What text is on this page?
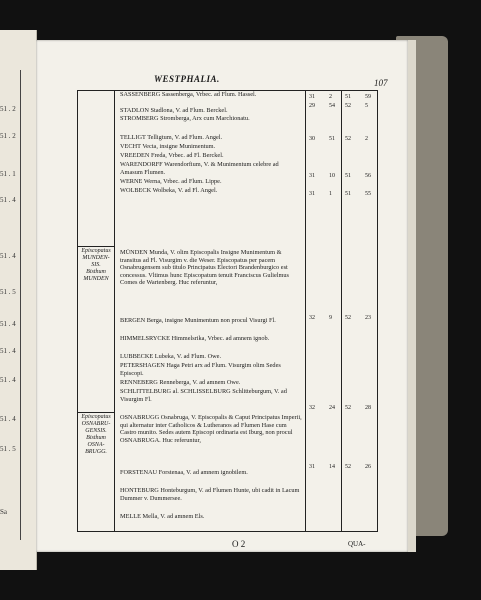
51 . 2
51 . 2
51 . 1
51 . 4
51 . 4
51 . 5
51 . 4
51 . 4
51 . 4
51 . 4
51 . 5
Sa
WESTPHALIA.	107
Episcopatus
MUNDEN-
SIS.
Bisthum
MUNDEN
Episcopatus
OSNABRU-
GENSIS.
Bisthum
OSNA-
BRUGG.
SASSENBERG Sassenberga, Vrbec. ad Flum. Hassel.
STADLON Stadlona, V. ad Flum. Berckel.
STROMBERG Stromberga, Arx cum Marchionatu.
TELLIGT Telligtum, V. ad Flum. Angel.
VECHT Vecta, insigne Munimentum.
VREEDEN Freda, Vrbec. ad Fl. Berckel.
WARENDORFF Warendorfium, V. & Munimentum celebre ad Amasum Flumen.
WERNE Werna, Vrbec. ad Flum. Lippe.
WOLBECK Wolbeka, V. ad Fl. Angel.
MÜNDEN Munda, V. olim Episcopalis Insigne Munimentum & transitus ad Fl. Visurgim v. die Weser. Episcopatus per pacem Osnabrugensem sub titulo Principatus Electori Brandenburgico est concessus. Vltimus hunc Episcopatum tenuit Franciscus Gulielmus Comes de Wartenberg. Huc referuntur,
BERGEN Berga, insigne Munimentum non procul Visurgi Fl.
HIMMELSRYCKE Himmelsrika, Vrbec. ad amnem ignob.
LUBBECKE Lubeka, V. ad Flum. Owe.
PETERSHAGEN Haga Petri arx ad Flum. Visurgim olim Sedes Episcopi.
RENNEBERG Renneberga, V. ad amnem Owe.
SCHLITTELBURG al. SCHLISSELBURG Schlitteburgum, V. ad Visurgim Fl.
OSNABRUGG Osnabruga, V. Episcopalis & Caput Principatus Imperii, qui alternatur inter Catholicos & Lutheranos ad Flumen Hase cum Castro munito. Sedes autem Episcopi ordinaria est Iburg, non procul OSNABRUGA. Huc referuntur,
FORSTENAU Forstenaa, V. ad amnem ignobilem.
HONTEBURG Honteburgum, V. ad Flumen Hunte, ubi cadit in Lacum Dummer v. Dummersee.
MELLE Mella, V. ad amnem Els.
31 2 51 59
29 54 52 5
30 51 52 2
31 10 51 56
31 1 51 55
32 9 52 23
32 24 52 28
31 14 52 26
O 2	QUA-
